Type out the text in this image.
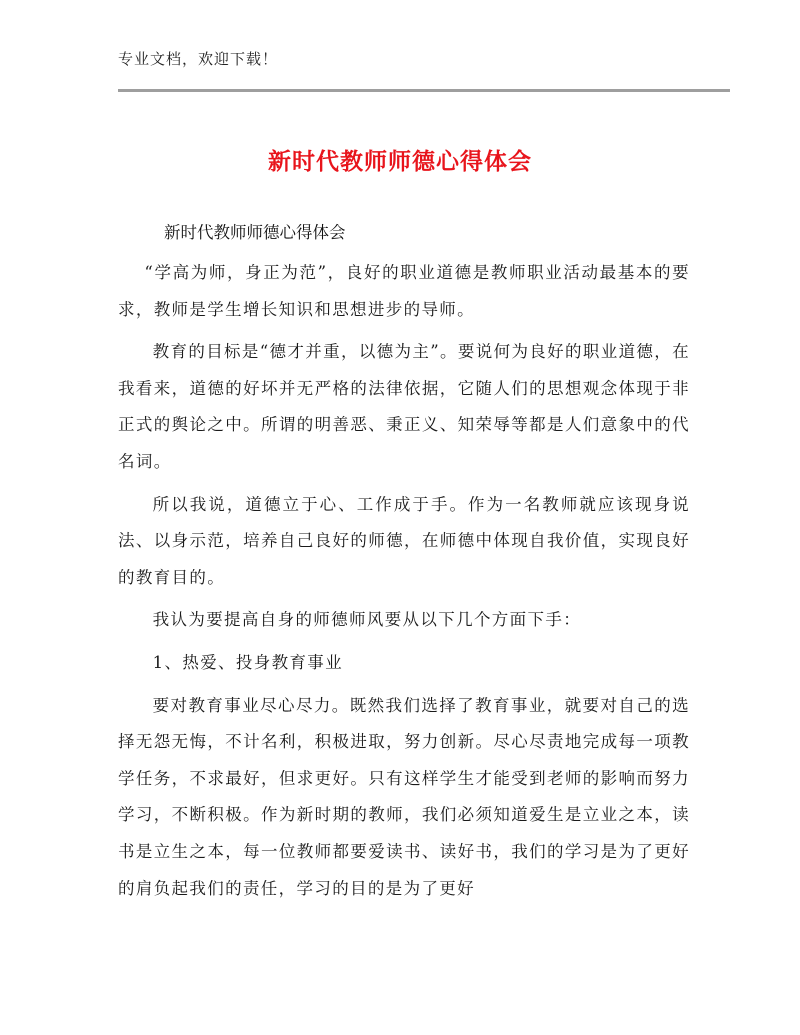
专业文档，欢迎下载！
新时代教师师德心得体会
新时代教师师德心得体会

“学高为师，身正为范”，良好的职业道德是教师职业活动最基本的要求，教师是学生增长知识和思想进步的导师。

教育的目标是“德才并重，以德为主”。要说何为良好的职业道德，在我看来，道德的好坏并无严格的法律依据，它随人们的思想观念体现于非正式的舆论之中。所谓的明善恶、秉正义、知荣辱等都是人们意象中的代名词。

所以我说，道德立于心、工作成于手。作为一名教师就应该现身说法、以身示范，培养自己良好的师德，在师德中体现自我价值，实现良好的教育目的。

我认为要提高自身的师德师风要从以下几个方面下手：

1、热爱、投身教育事业

要对教育事业尽心尽力。既然我们选择了教育事业，就要对自己的选择无怨无悔，不计名利，积极进取，努力创新。尽心尽责地完成每一项教学任务，不求最好，但求更好。只有这样学生才能受到老师的影响而努力学习，不断积极。作为新时期的教师，我们必须知道爱生是立业之本，读书是立生之本，每一位教师都要爱读书、读好书，我们的学习是为了更好的肩负起我们的责任，学习的目的是为了更好
